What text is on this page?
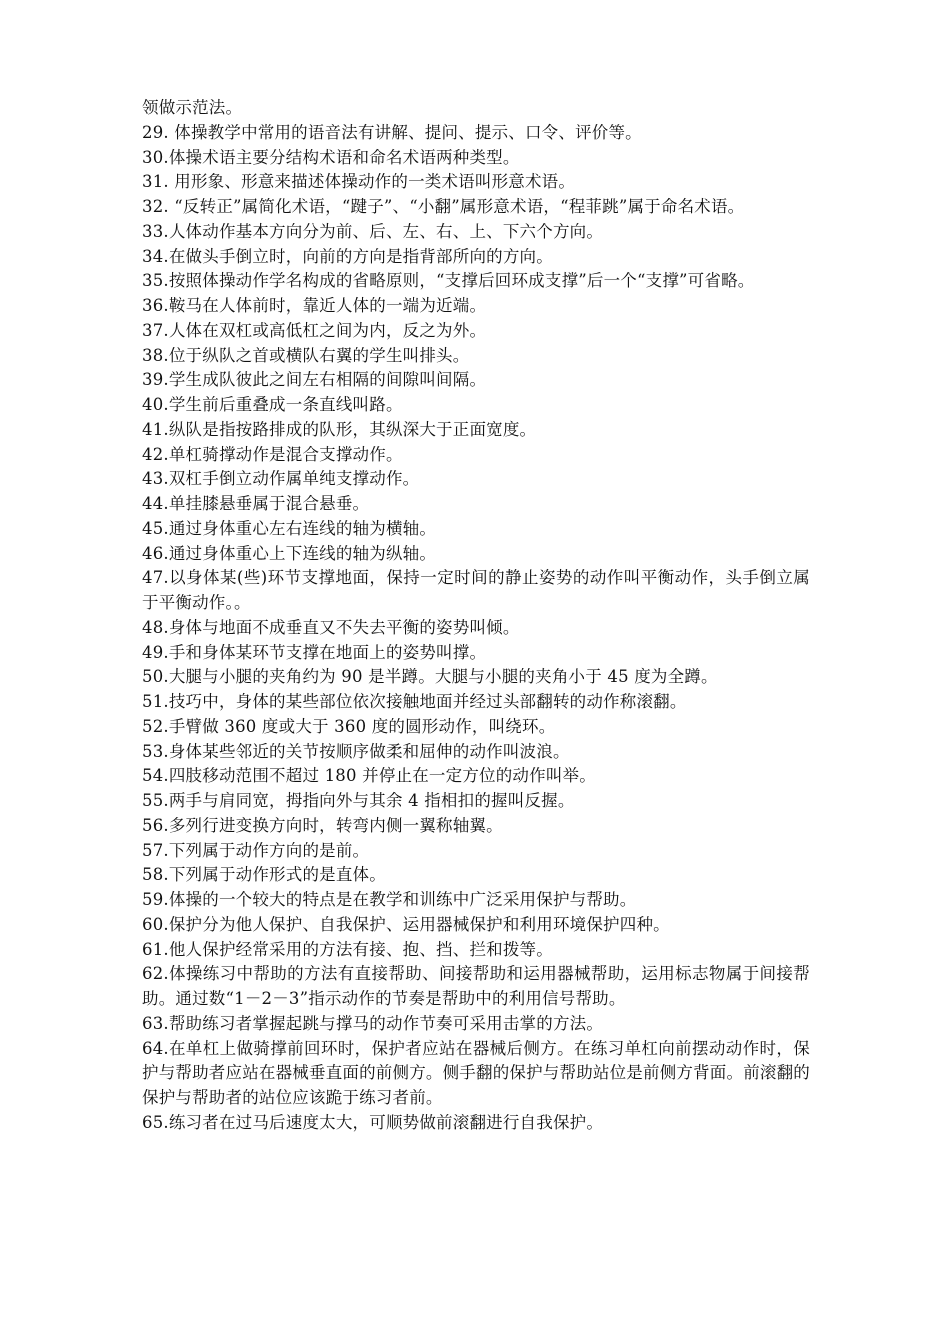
领做示范法。

29. 体操教学中常用的语音法有讲解、提问、提示、口令、评价等。

30.体操术语主要分结构术语和命名术语两种类型。

31. 用形象、形意来描述体操动作的一类术语叫形意术语。

32. “反转正”属简化术语，“踺子”、“小翻”属形意术语，“程菲跳”属于命名术语。

33.人体动作基本方向分为前、后、左、右、上、下六个方向。

34.在做头手倒立时，向前的方向是指背部所向的方向。

35.按照体操动作学名构成的省略原则，“支撑后回环成支撑”后一个“支撑”可省略。

36.鞍马在人体前时，靠近人体的一端为近端。

37.人体在双杠或高低杠之间为内，反之为外。

38.位于纵队之首或横队右翼的学生叫排头。

39.学生成队彼此之间左右相隔的间隙叫间隔。

40.学生前后重叠成一条直线叫路。

41.纵队是指按路排成的队形，其纵深大于正面宽度。

42.单杠骑撑动作是混合支撑动作。

43.双杠手倒立动作属单纯支撑动作。

44.单挂膝悬垂属于混合悬垂。

45.通过身体重心左右连线的轴为横轴。

46.通过身体重心上下连线的轴为纵轴。

47.以身体某(些)环节支撑地面，保持一定时间的静止姿势的动作叫平衡动作，头手倒立属于平衡动作。。

48.身体与地面不成垂直又不失去平衡的姿势叫倾。

49.手和身体某环节支撑在地面上的姿势叫撑。

50.大腿与小腿的夹角约为 90 是半蹲。大腿与小腿的夹角小于 45 度为全蹲。

51.技巧中，身体的某些部位依次接触地面并经过头部翻转的动作称滚翻。

52.手臂做 360 度或大于 360 度的圆形动作，叫绕环。

53.身体某些邻近的关节按顺序做柔和屈伸的动作叫波浪。

54.四肢移动范围不超过 180 并停止在一定方位的动作叫举。

55.两手与肩同宽，拇指向外与其余 4 指相扣的握叫反握。

56.多列行进变换方向时，转弯内侧一翼称轴翼。

57.下列属于动作方向的是前。

58.下列属于动作形式的是直体。

59.体操的一个较大的特点是在教学和训练中广泛采用保护与帮助。

60.保护分为他人保护、自我保护、运用器械保护和利用环境保护四种。

61.他人保护经常采用的方法有接、抱、挡、拦和拨等。

62.体操练习中帮助的方法有直接帮助、间接帮助和运用器械帮助，运用标志物属于间接帮助。通过数“1－2－3”指示动作的节奏是帮助中的利用信号帮助。

63.帮助练习者掌握起跳与撑马的动作节奏可采用击掌的方法。

64.在单杠上做骑撑前回环时，保护者应站在器械后侧方。在练习单杠向前摆动动作时，保护与帮助者应站在器械垂直面的前侧方。侧手翻的保护与帮助站位是前侧方背面。前滚翻的保护与帮助者的站位应该跪于练习者前。

65.练习者在过马后速度太大，可顺势做前滚翻进行自我保护。
